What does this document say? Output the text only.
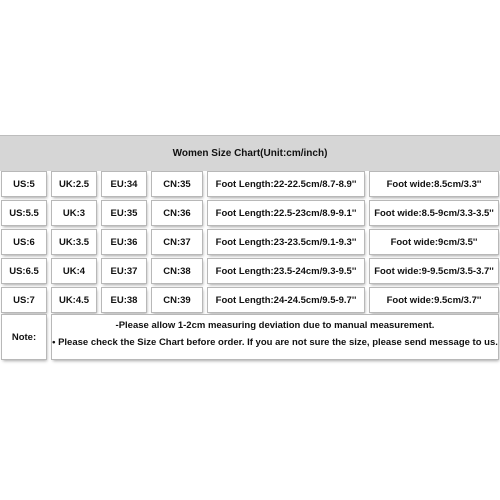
Women Size Chart(Unit:cm/inch)
US:5	UK:2.5	EU:34	CN:35	Foot Length:22-22.5cm/8.7-8.9''	Foot wide:8.5cm/3.3''
US:5.5	UK:3	EU:35	CN:36	Foot Length:22.5-23cm/8.9-9.1''	Foot wide:8.5-9cm/3.3-3.5''
US:6	UK:3.5	EU:36	CN:37	Foot Length:23-23.5cm/9.1-9.3''	Foot wide:9cm/3.5''
US:6.5	UK:4	EU:37	CN:38	Foot Length:23.5-24cm/9.3-9.5''	Foot wide:9-9.5cm/3.5-3.7''
US:7	UK:4.5	EU:38	CN:39	Foot Length:24-24.5cm/9.5-9.7''	Foot wide:9.5cm/3.7''
Note:
-Please allow 1-2cm measuring deviation due to manual measurement.
• Please check the Size Chart before order. If you are not sure the size, please send message to us.
